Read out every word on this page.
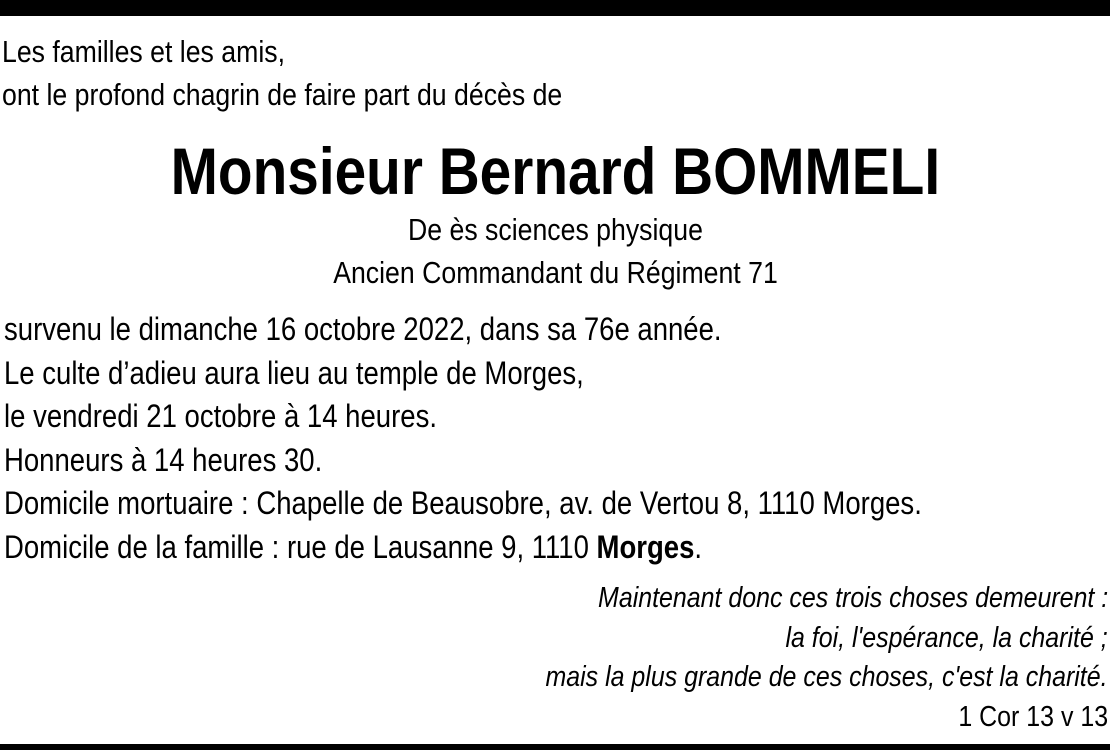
Les familles et les amis,
ont le profond chagrin de faire part du décès de
Monsieur Bernard BOMMELI
De ès sciences physique
Ancien Commandant du Régiment 71
survenu le dimanche 16 octobre 2022, dans sa 76e année.
Le culte d’adieu aura lieu au temple de Morges,
le vendredi 21 octobre à 14 heures.
Honneurs à 14 heures 30.
Domicile mortuaire : Chapelle de Beausobre, av. de Vertou 8, 1110 Morges.
Domicile de la famille : rue de Lausanne 9, 1110 Morges.
Maintenant donc ces trois choses demeurent :
la foi, l'espérance, la charité ;
mais la plus grande de ces choses, c'est la charité.
1 Cor 13 v 13
